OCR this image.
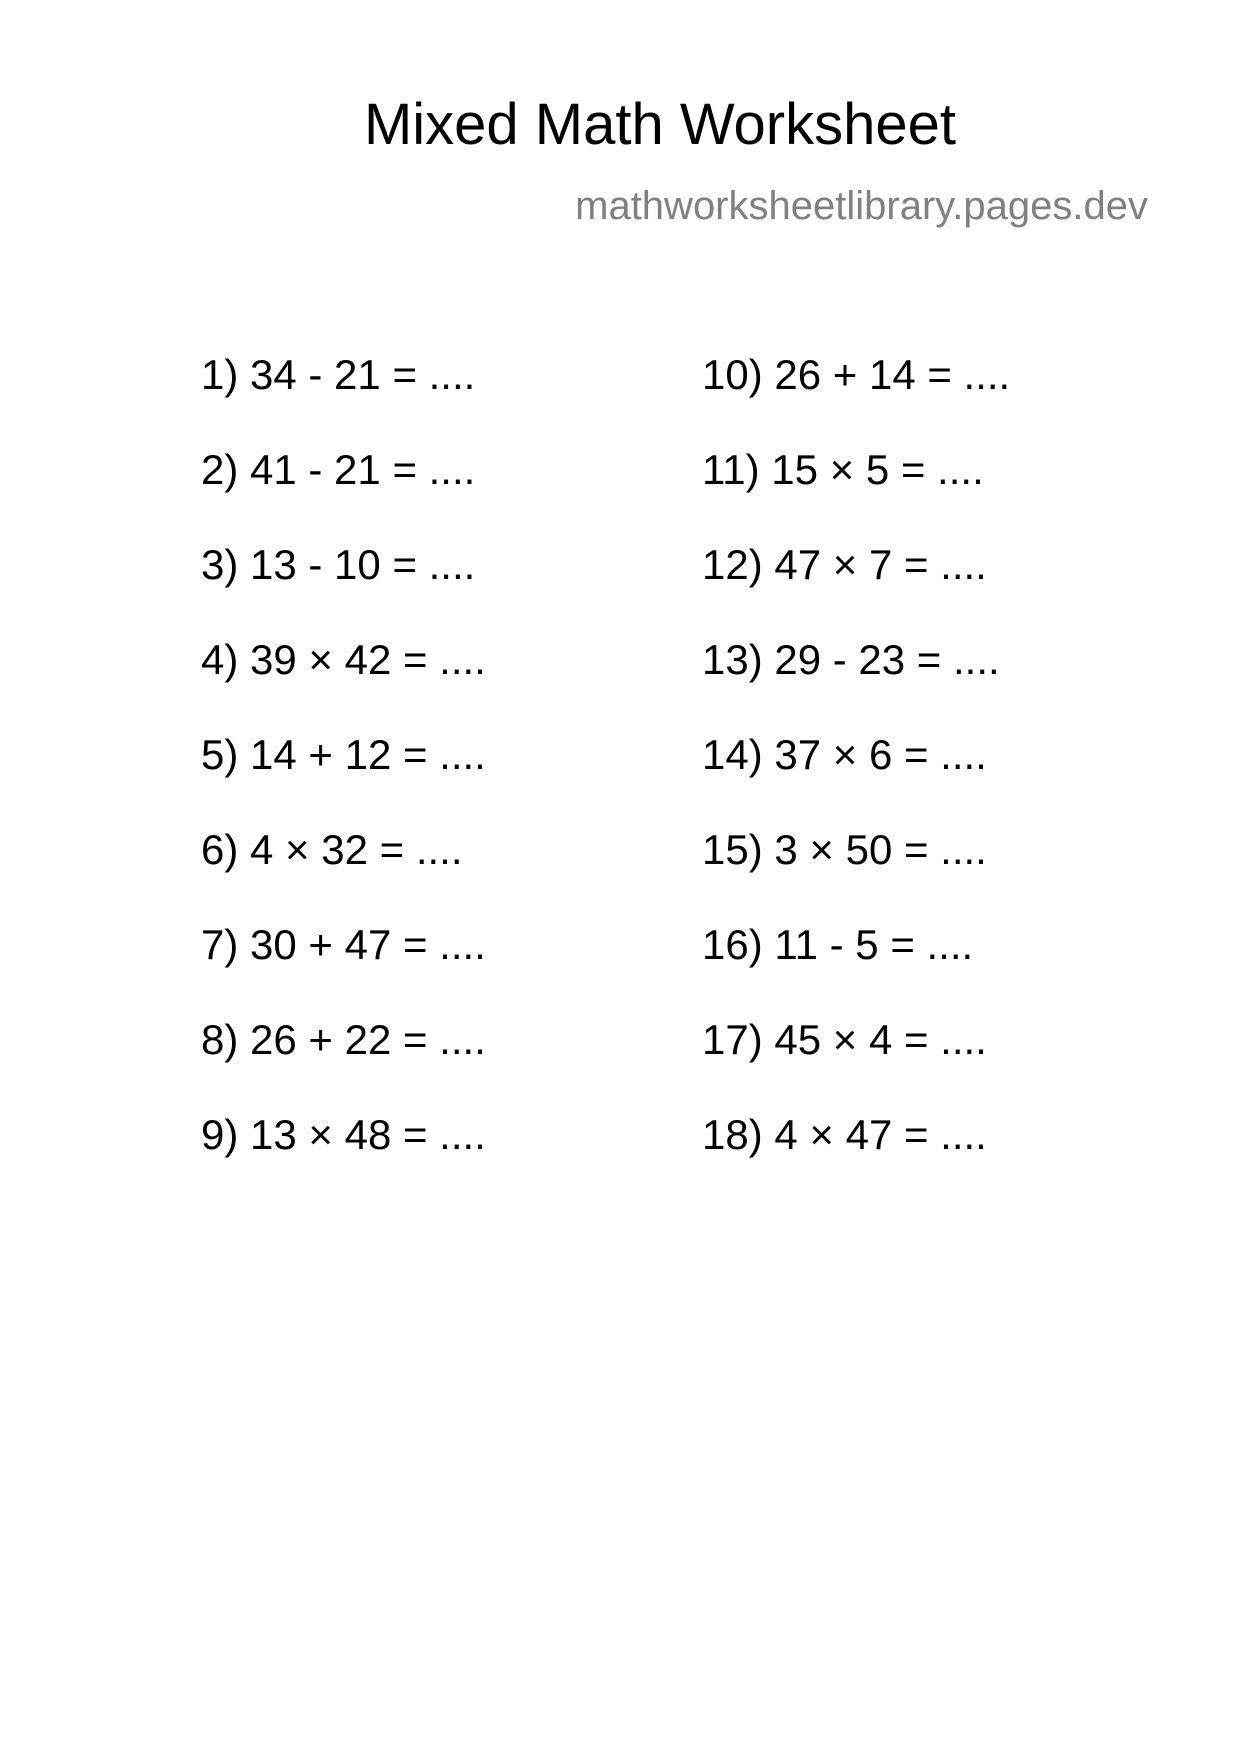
Mixed Math Worksheet
mathworksheetlibrary.pages.dev
1) 34 - 21 = ....
2) 41 - 21 = ....
3) 13 - 10 = ....
4) 39 × 42 = ....
5) 14 + 12 = ....
6) 4 × 32 = ....
7) 30 + 47 = ....
8) 26 + 22 = ....
9) 13 × 48 = ....
10) 26 + 14 = ....
11) 15 × 5 = ....
12) 47 × 7 = ....
13) 29 - 23 = ....
14) 37 × 6 = ....
15) 3 × 50 = ....
16) 11 - 5 = ....
17) 45 × 4 = ....
18) 4 × 47 = ....
